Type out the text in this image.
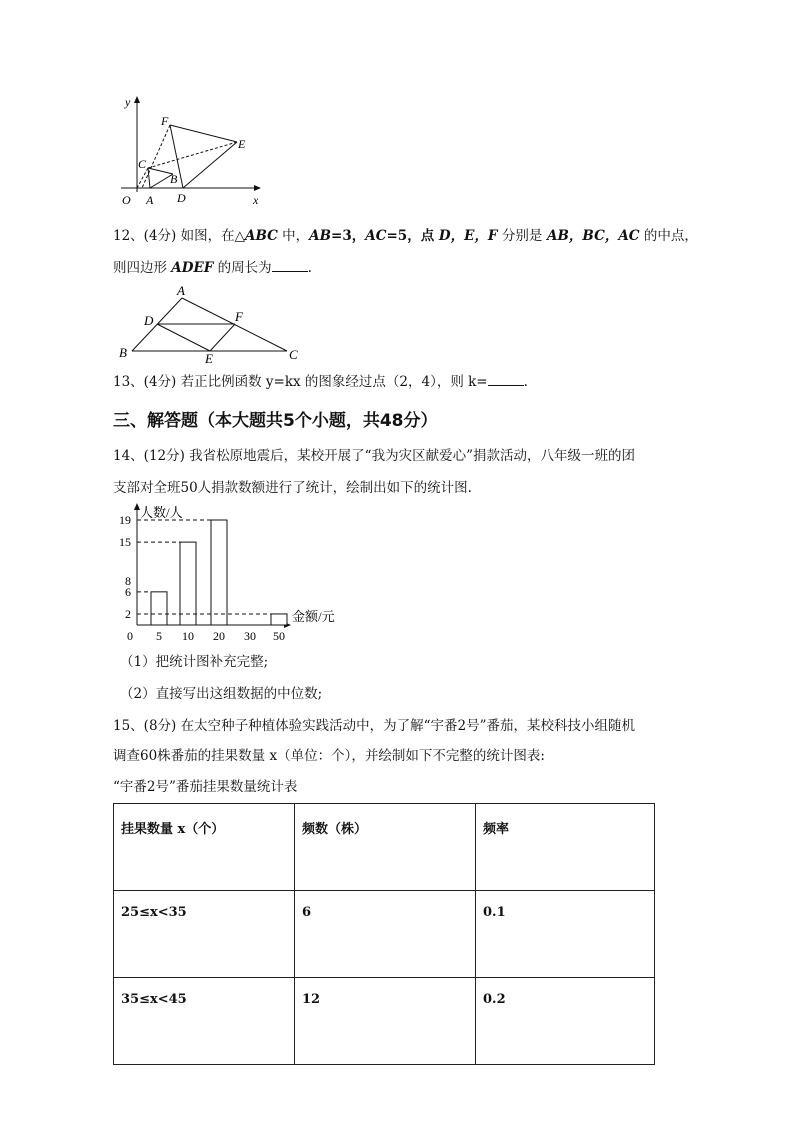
y
x
O A
B
C
D
E
F
12、(4分) 如图，在△ABC 中，AB=3，AC=5，点 D，E，F 分别是 AB，BC，AC 的中点，
则四边形 ADEF 的周长为	.
A
B	C
D
E
F
13、(4分) 若正比例函数 y=kx 的图象经过点（2，4），则 k=	.
三、解答题（本大题共5个小题，共48分）
14、(12分) 我省松原地震后，某校开展了“我为灾区献爱心”捐款活动，八年级一班的团
支部对全班50人捐款数额进行了统计，绘制出如下的统计图.
人数/人
金额/元
0 5 10 20 30 50
2
6
8
15
19
（1）把统计图补充完整;
（2）直接写出这组数据的中位数;
15、(8分) 在太空种子种植体验实践活动中，为了解“宇番2号”番茄，某校科技小组随机
调查60株番茄的挂果数量 x（单位：个），并绘制如下不完整的统计图表:
“宇番2号”番茄挂果数量统计表
挂果数量 x（个）	频数（株）	频率
25≤x<35	6	0.1
35≤x<45	12	0.2
